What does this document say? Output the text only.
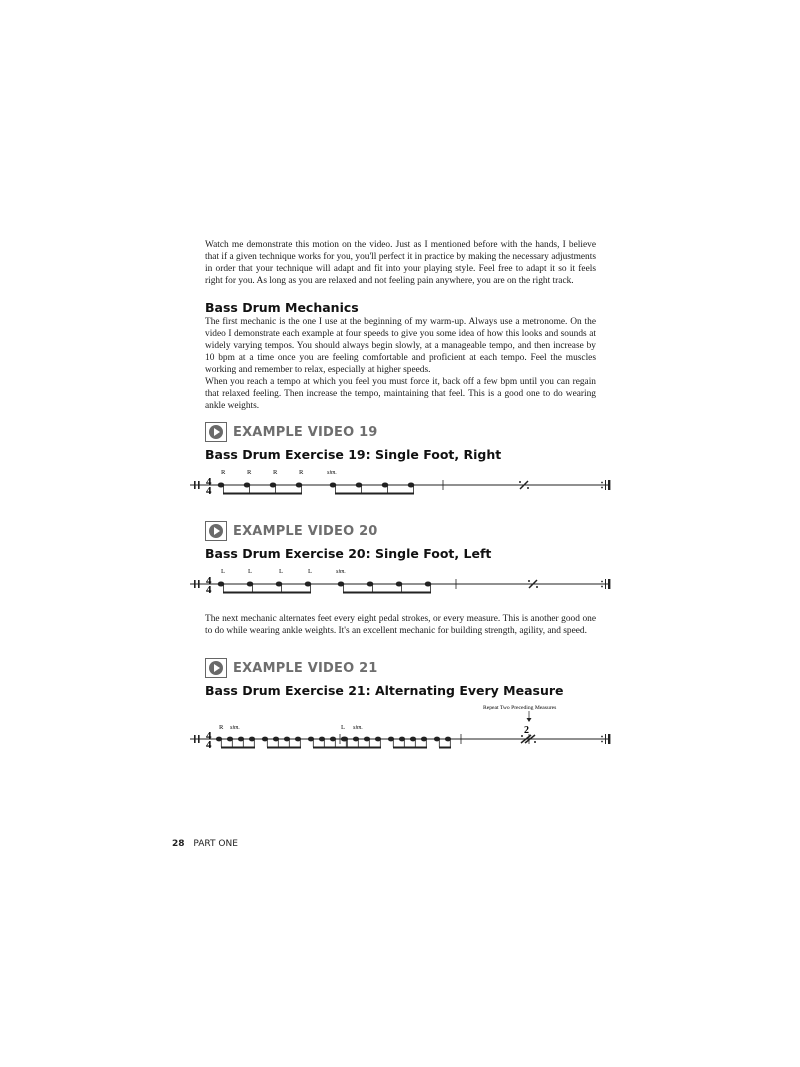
Watch me demonstrate this motion on the video. Just as I mentioned before with the hands, I believe that if a given technique works for you, you'll perfect it in practice by making the necessary adjustments in order that your technique will adapt and fit into your playing style. Feel free to adapt it so it feels right for you. As long as you are relaxed and not feeling pain anywhere, you are on the right track.

Bass Drum Mechanics

The first mechanic is the one I use at the beginning of my warm-up. Always use a metronome. On the video I demonstrate each example at four speeds to give you some idea of how this looks and sounds at widely varying tempos. You should always begin slowly, at a manageable tempo, and then increase by 10 bpm at a time once you are feeling comfortable and proficient at each tempo. Feel the muscles working and remember to relax, especially at higher speeds.

When you reach a tempo at which you feel you must force it, back off a few bpm until you can regain that relaxed feeling. Then increase the tempo, maintaining that feel. This is a good one to do wearing ankle weights.

EXAMPLE VIDEO 19
Bass Drum Exercise 19: Single Foot, Right
4
4
R	R	R	R	sim.
EXAMPLE VIDEO 20
Bass Drum Exercise 20: Single Foot, Left
4
4
L	L	L	L	sim.

The next mechanic alternates feet every eight pedal strokes, or every measure. This is another good one to do while wearing ankle weights. It's an excellent mechanic for building strength, agility, and speed.

EXAMPLE VIDEO 21
Bass Drum Exercise 21: Alternating Every Measure
4
4
R sim.	L sim.
Repeat Two Preceding Measures
2
28 PART ONE
